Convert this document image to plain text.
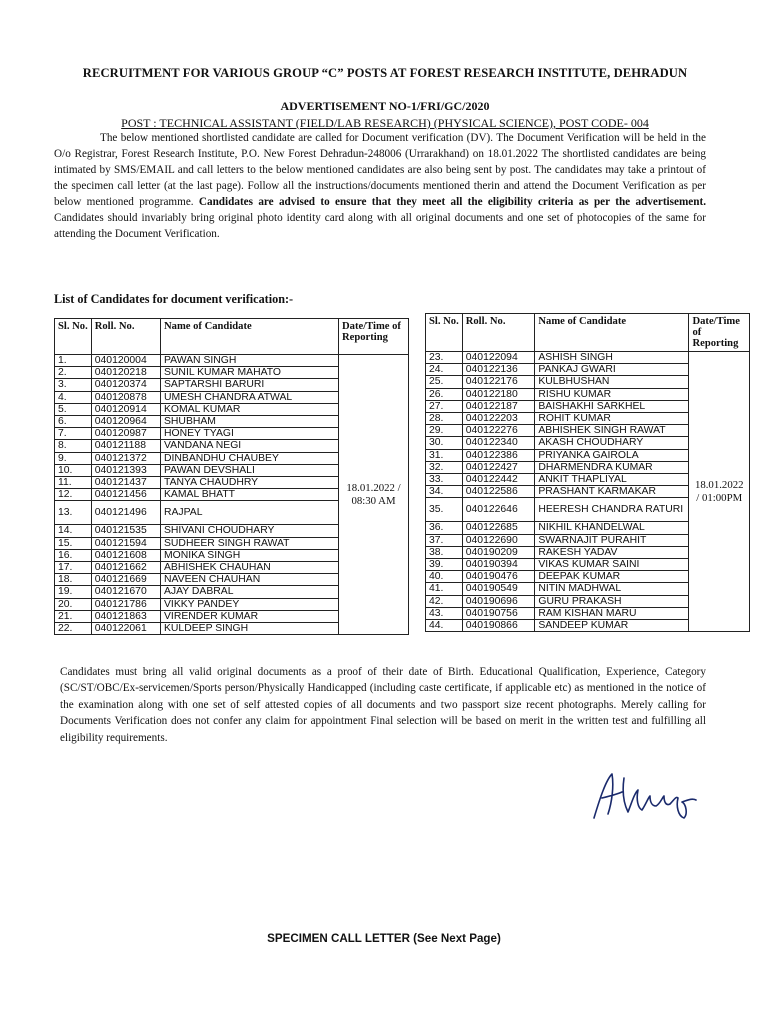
RECRUITMENT FOR VARIOUS GROUP “C” POSTS AT FOREST RESEARCH INSTITUTE, DEHRADUN
ADVERTISEMENT NO-1/FRI/GC/2020
POST : TECHNICAL ASSISTANT (FIELD/LAB RESEARCH) (PHYSICAL SCIENCE), POST CODE- 004

The below mentioned shortlisted candidate are called for Document verification (DV). The Document Verification will be held in the O/o Registrar, Forest Research Institute, P.O. New Forest Dehradun-248006 (Urrarakhand) on 18.01.2022 The shortlisted candidates are being intimated by SMS/EMAIL and call letters to the below mentioned candidates are also being sent by post. The candidates may take a printout of the specimen call letter (at the last page). Follow all the instructions/documents mentioned therin and attend the Document Verification as per below mentioned programme. Candidates are advised to ensure that they meet all the eligibility criteria as per the advertisement. Candidates should invariably bring original photo identity card along with all original documents and one set of photocopies of the same for attending the Document Verification.

List of Candidates for document verification:-
Sl. No.	Roll. No.	Name of Candidate	Date/Time of Reporting
1.	040120004	PAWAN SINGH	18.01.2022 / 08:30 AM
2.	040120218	SUNIL KUMAR MAHATO	
3.	040120374	SAPTARSHI BARURI	
4.	040120878	UMESH CHANDRA ATWAL	
5.	040120914	KOMAL KUMAR	
6.	040120964	SHUBHAM	
7.	040120987	HONEY TYAGI	
8.	040121188	VANDANA NEGI	
9.	040121372	DINBANDHU CHAUBEY	
10.	040121393	PAWAN DEVSHALI	
11.	040121437	TANYA CHAUDHRY	
12.	040121456	KAMAL BHATT	
13.	040121496	RAJPAL	
14.	040121535	SHIVANI CHOUDHARY	
15.	040121594	SUDHEER SINGH RAWAT	
16.	040121608	MONIKA SINGH	
17.	040121662	ABHISHEK CHAUHAN	
18.	040121669	NAVEEN CHAUHAN	
19.	040121670	AJAY DABRAL	
20.	040121786	VIKKY PANDEY	
21.	040121863	VIRENDER KUMAR	
22.	040122061	KULDEEP SINGH	
Sl. No.	Roll. No.	Name of Candidate	Date/Time of Reporting
23.	040122094	ASHISH SINGH	18.01.2022 / 01:00PM
24.	040122136	PANKAJ GWARI	
25.	040122176	KULBHUSHAN	
26.	040122180	RISHU KUMAR	
27.	040122187	BAISHAKHI SARKHEL	
28.	040122203	ROHIT KUMAR	
29.	040122276	ABHISHEK SINGH RAWAT	
30.	040122340	AKASH CHOUDHARY	
31.	040122386	PRIYANKA GAIROLA	
32.	040122427	DHARMENDRA KUMAR	
33.	040122442	ANKIT THAPLIYAL	
34.	040122586	PRASHANT KARMAKAR	
35.	040122646	HEERESH CHANDRA RATURI	
36.	040122685	NIKHIL KHANDELWAL	
37.	040122690	SWARNAJIT PURAHIT	
38.	040190209	RAKESH YADAV	
39.	040190394	VIKAS KUMAR SAINI	
40.	040190476	DEEPAK KUMAR	
41.	040190549	NITIN MADHWAL	
42.	040190696	GURU PRAKASH	
43.	040190756	RAM KISHAN MARU	
44.	040190866	SANDEEP KUMAR	
Candidates must bring all valid original documents as a proof of their date of Birth. Educational Qualification, Experience, Category (SC/ST/OBC/Ex-servicemen/Sports person/Physically Handicapped (including caste certificate, if applicable etc) as mentioned in the notice of the examination along with one set of self attested copies of all documents and two passport size recent photographs. Merely calling for Documents Verification does not confer any claim for appointment Final selection will be based on merit in the written test and fulfilling all eligibility requirements.
SPECIMEN CALL LETTER (See Next Page)
